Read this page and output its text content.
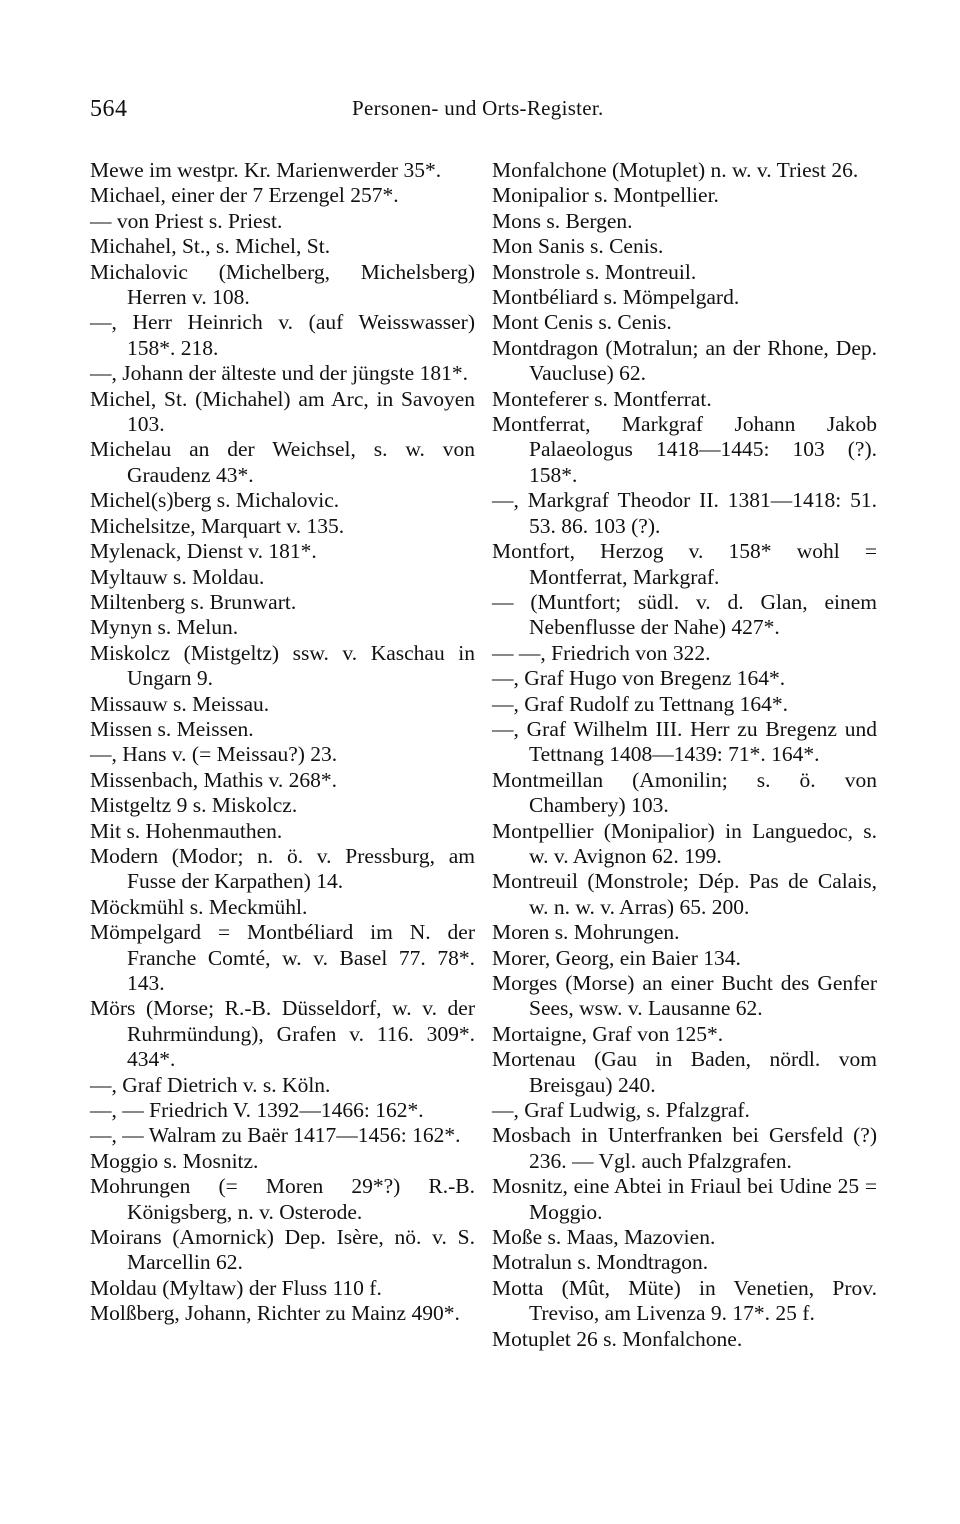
564	Personen- und Orts-Register.
Mewe im westpr. Kr. Marienwerder 35*.
Michael, einer der 7 Erzengel 257*.
— von Priest s. Priest.
Michahel, St., s. Michel, St.
Michalovic (Michelberg, Michelsberg) Herren v. 108.
—, Herr Heinrich v. (auf Weisswasser) 158*. 218.
—, Johann der älteste und der jüngste 181*.
Michel, St. (Michahel) am Arc, in Savoyen 103.
Michelau an der Weichsel, s. w. von Graudenz 43*.
Michel(s)berg s. Michalovic.
Michelsitze, Marquart v. 135.
Mylenack, Dienst v. 181*.
Myltauw s. Moldau.
Miltenberg s. Brunwart.
Mynyn s. Melun.
Miskolcz (Mistgeltz) ssw. v. Kaschau in Ungarn 9.
Missauw s. Meissau.
Missen s. Meissen.
—, Hans v. (= Meissau?) 23.
Missenbach, Mathis v. 268*.
Mistgeltz 9 s. Miskolcz.
Mit s. Hohenmauthen.
Modern (Modor; n. ö. v. Pressburg, am Fusse der Karpathen) 14.
Möckmühl s. Meckmühl.
Mömpelgard = Montbéliard im N. der Franche Comté, w. v. Basel 77. 78*. 143.
Mörs (Morse; R.-B. Düsseldorf, w. v. der Ruhrmündung), Grafen v. 116. 309*. 434*.
—, Graf Dietrich v. s. Köln.
—, — Friedrich V. 1392—1466: 162*.
—, — Walram zu Baër 1417—1456: 162*.
Moggio s. Mosnitz.
Mohrungen (= Moren 29*?) R.-B. Königsberg, n. v. Osterode.
Moirans (Amornick) Dep. Isère, nö. v. S. Marcellin 62.
Moldau (Myltaw) der Fluss 110 f.
Molßberg, Johann, Richter zu Mainz 490*.
Monfalchone (Motuplet) n. w. v. Triest 26.
Monipalior s. Montpellier.
Mons s. Bergen.
Mon Sanis s. Cenis.
Monstrole s. Montreuil.
Montbéliard s. Mömpelgard.
Mont Cenis s. Cenis.
Montdragon (Motralun; an der Rhone, Dep. Vaucluse) 62.
Monteferer s. Montferrat.
Montferrat, Markgraf Johann Jakob Palaeologus 1418—1445: 103 (?). 158*.
—, Markgraf Theodor II. 1381—1418: 51. 53. 86. 103 (?).
Montfort, Herzog v. 158* wohl = Montferrat, Markgraf.
— (Muntfort; südl. v. d. Glan, einem Nebenflusse der Nahe) 427*.
— —, Friedrich von 322.
—, Graf Hugo von Bregenz 164*.
—, Graf Rudolf zu Tettnang 164*.
—, Graf Wilhelm III. Herr zu Bregenz und Tettnang 1408—1439: 71*. 164*.
Montmeillan (Amonilin; s. ö. von Chambery) 103.
Montpellier (Monipalior) in Languedoc, s. w. v. Avignon 62. 199.
Montreuil (Monstrole; Dép. Pas de Calais, w. n. w. v. Arras) 65. 200.
Moren s. Mohrungen.
Morer, Georg, ein Baier 134.
Morges (Morse) an einer Bucht des Genfer Sees, wsw. v. Lausanne 62.
Mortaigne, Graf von 125*.
Mortenau (Gau in Baden, nördl. vom Breisgau) 240.
—, Graf Ludwig, s. Pfalzgraf.
Mosbach in Unterfranken bei Gersfeld (?) 236. — Vgl. auch Pfalzgrafen.
Mosnitz, eine Abtei in Friaul bei Udine 25 = Moggio.
Moße s. Maas, Mazovien.
Motralun s. Mondtragon.
Motta (Mût, Müte) in Venetien, Prov. Treviso, am Livenza 9. 17*. 25 f.
Motuplet 26 s. Monfalchone.
